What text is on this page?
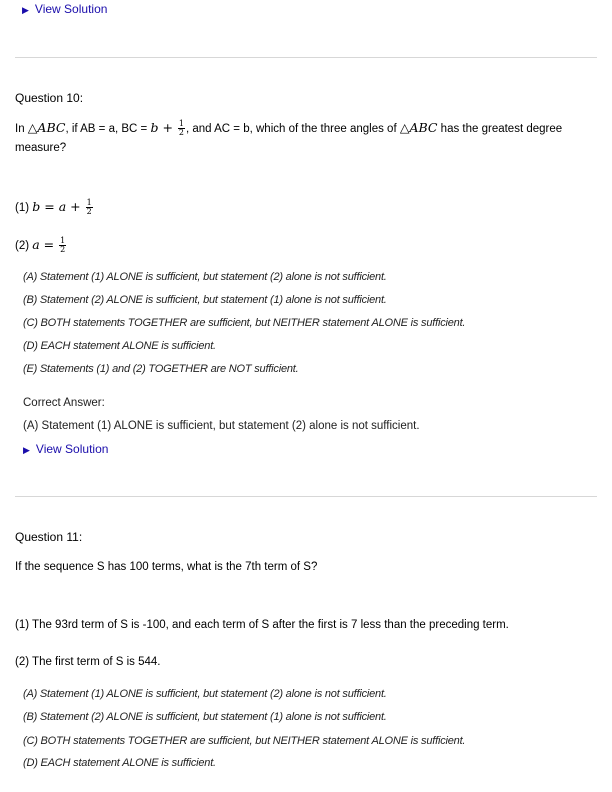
▶ View Solution
Question 10:
In △ABC, if AB = a, BC = $b + \frac{1}{2}$ , and AC = b, which of the three angles of △ABC has the greatest degree
measure?
(1) $b = a + \frac{1}{2}$
(2) $a = \frac{1}{2}$
(A) Statement (1) ALONE is sufficient, but statement (2) alone is not sufficient.
(B) Statement (2) ALONE is sufficient, but statement (1) alone is not sufficient.
(C) BOTH statements TOGETHER are sufficient, but NEITHER statement ALONE is sufficient.
(D) EACH statement ALONE is sufficient.
(E) Statements (1) and (2) TOGETHER are NOT sufficient.
Correct Answer:
(A) Statement (1) ALONE is sufficient, but statement (2) alone is not sufficient.
▶ View Solution
Question 11:
If the sequence S has 100 terms, what is the 7th term of S?
(1) The 93rd term of S is -100, and each term of S after the first is 7 less than the preceding term.
(2) The first term of S is 544.
(A) Statement (1) ALONE is sufficient, but statement (2) alone is not sufficient.
(B) Statement (2) ALONE is sufficient, but statement (1) alone is not sufficient.
(C) BOTH statements TOGETHER are sufficient, but NEITHER statement ALONE is sufficient.
(D) EACH statement ALONE is sufficient.
